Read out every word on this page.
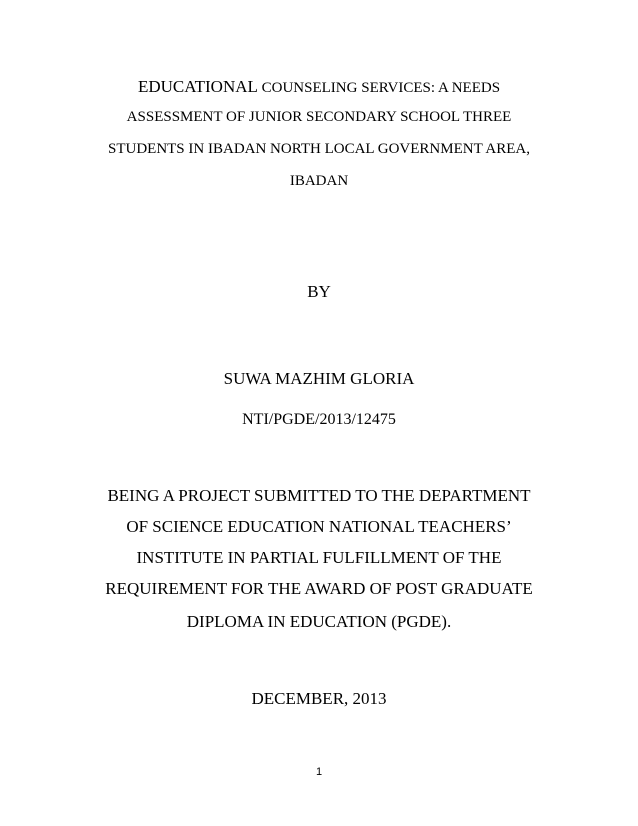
EDUCATIONAL COUNSELING SERVICES: A NEEDS
ASSESSMENT OF JUNIOR SECONDARY SCHOOL THREE
STUDENTS IN IBADAN NORTH LOCAL GOVERNMENT AREA,
IBADAN
BY
SUWA MAZHIM GLORIA
NTI/PGDE/2013/12475
BEING A PROJECT SUBMITTED TO THE DEPARTMENT
OF SCIENCE EDUCATION NATIONAL TEACHERS’
INSTITUTE IN PARTIAL FULFILLMENT OF THE
REQUIREMENT FOR THE AWARD OF POST GRADUATE
DIPLOMA IN EDUCATION (PGDE).
DECEMBER, 2013
1
